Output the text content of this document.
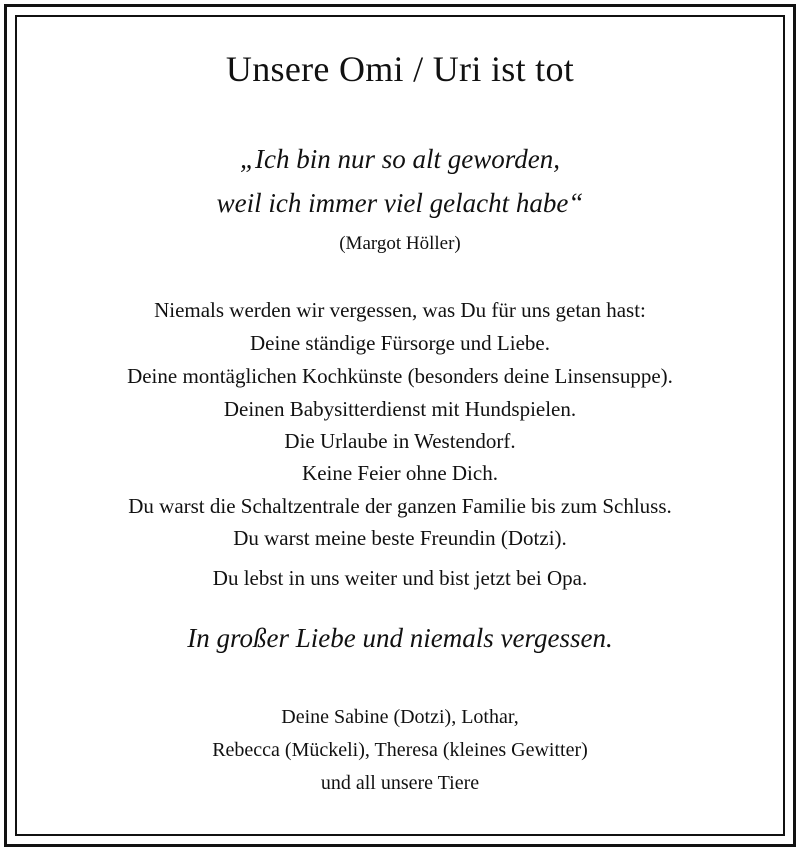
Unsere Omi / Uri ist tot
„Ich bin nur so alt geworden,
weil ich immer viel gelacht habe“
(Margot Höller)
Niemals werden wir vergessen, was Du für uns getan hast:
Deine ständige Fürsorge und Liebe.
Deine montäglichen Kochkünste (besonders deine Linsensuppe).
Deinen Babysitterdienst mit Hundspielen.
Die Urlaube in Westendorf.
Keine Feier ohne Dich.
Du warst die Schaltzentrale der ganzen Familie bis zum Schluss.
Du warst meine beste Freundin (Dotzi).
Du lebst in uns weiter und bist jetzt bei Opa.
In großer Liebe und niemals vergessen.
Deine Sabine (Dotzi), Lothar,
Rebecca (Mückeli), Theresa (kleines Gewitter)
und all unsere Tiere
